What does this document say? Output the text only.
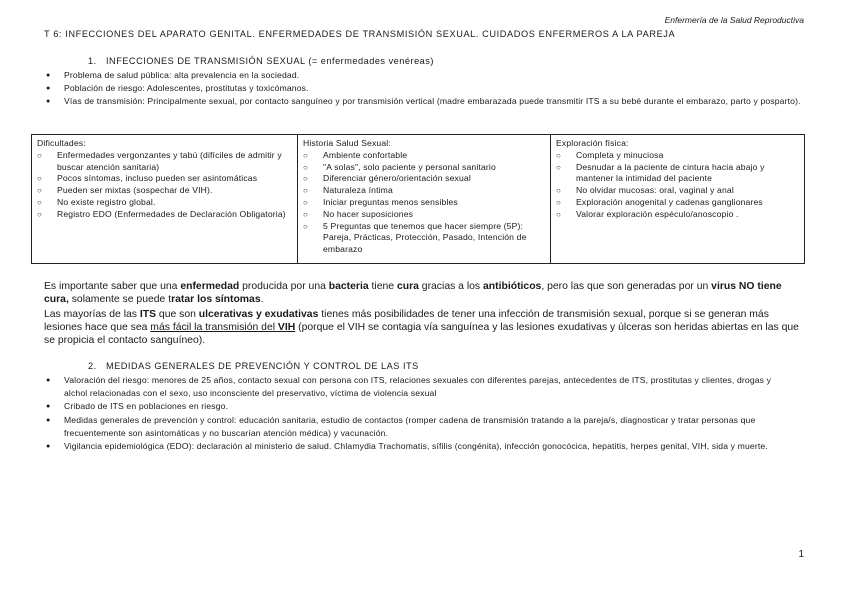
Enfermería de la Salud Reproductiva
T 6: INFECCIONES DEL APARATO GENITAL. ENFERMEDADES DE TRANSMISIÓN SEXUAL. CUIDADOS ENFERMEROS A LA PAREJA
1. INFECCIONES DE TRANSMISIÓN SEXUAL (= enfermedades venéreas)
● Problema de salud pública: alta prevalencia en la sociedad.
● Población de riesgo: Adolescentes, prostitutas y toxicómanos.
● Vías de transmisión: Principalmente sexual, por contacto sanguíneo y por transmisión vertical (madre embarazada puede transmitir ITS a su bebé durante el embarazo, parto y posparto).
Dificultades:
○ Enfermedades vergonzantes y tabú (difíciles de admitir y buscar atención sanitaria)
○ Pocos síntomas, incluso pueden ser asintomáticas
○ Pueden ser mixtas (sospechar de VIH).
○ No existe registro global.
○ Registro EDO (Enfermedades de Declaración Obligatoria)

Historia Salud Sexual:
○ Ambiente confortable
○ "A solas", solo paciente y personal sanitario
○ Diferenciar género/orientación sexual
○ Naturaleza íntima
○ Iniciar preguntas menos sensibles
○ No hacer suposiciones
○ 5 Preguntas que tenemos que hacer siempre (5P): Pareja, Prácticas, Protección, Pasado, Intención de embarazo

Exploración física:
○ Completa y minuciosa
○ Desnudar a la paciente de cintura hacia abajo y mantener la intimidad del paciente
○ No olvidar mucosas: oral, vaginal y anal
○ Exploración anogenital y cadenas ganglionares
○ Valorar exploración espéculo/anoscopio .
Es importante saber que una enfermedad producida por una bacteria tiene cura gracias a los antibióticos, pero las que son generadas por un virus NO tiene cura, solamente se puede tratar los síntomas.
Las mayorías de las ITS que son ulcerativas y exudativas tienes más posibilidades de tener una infección de transmisión sexual, porque si se generan más lesiones hace que sea más fácil la transmisión del VIH (porque el VIH se contagia vía sanguínea y las lesiones exudativas y úlceras son heridas abiertas en las que se propicia el contacto sanguíneo).
2. MEDIDAS GENERALES DE PREVENCIÓN Y CONTROL DE LAS ITS
● Valoración del riesgo: menores de 25 años, contacto sexual con persona con ITS, relaciones sexuales con diferentes parejas, antecedentes de ITS, prostitutas y clientes, drogas y alchol relacionadas con el sexo, uso inconsciente del preservativo, víctima de violencia sexual
● Cribado de ITS en poblaciones en riesgo.
● Medidas generales de prevención y control: educación sanitaria, estudio de contactos (romper cadena de transmisión tratando a la pareja/s, diagnosticar y tratar personas que frecuentemente son asintomáticas y no buscarían atención médica) y vacunación.
● Vigilancia epidemiológica (EDO): declaración al ministerio de salud. Chlamydia Trachomatis, sífilis (congénita), infección gonocócica, hepatitis, herpes genital, VIH, sida y muerte.
1
